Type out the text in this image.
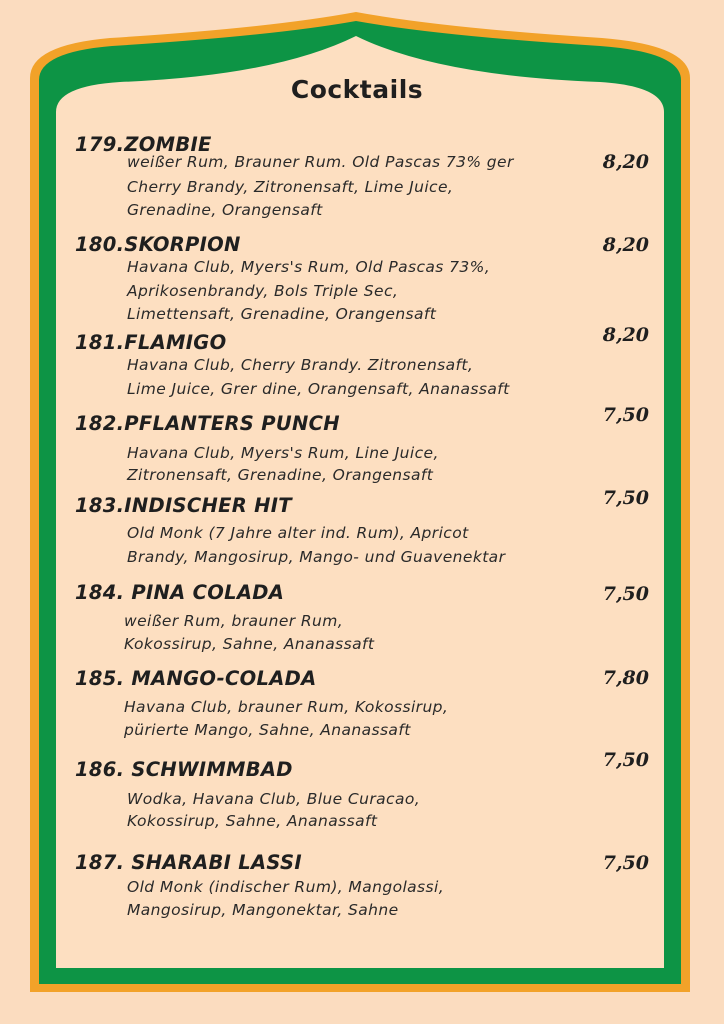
Cocktails
179.ZOMBIE
8,20
weißer Rum, Brauner Rum. Old Pascas 73% ger
Cherry Brandy, Zitronensaft, Lime Juice,
Grenadine, Orangensaft
180.SKORPION	8,20
Havana Club, Myers's Rum, Old Pascas 73%,
Aprikosenbrandy, Bols Triple Sec,
Limettensaft, Grenadine, Orangensaft
181.FLAMIGO	8,20
Havana Club, Cherry Brandy. Zitronensaft,
Lime Juice, Grer dine, Orangensaft, Ananassaft
182.PFLANTERS PUNCH	7,50
Havana Club, Myers's Rum, Line Juice,
Zitronensaft, Grenadine, Orangensaft
183.INDISCHER HIT	7,50
Old Monk (7 Jahre alter ind. Rum), Apricot
Brandy, Mangosirup, Mango- und Guavenektar
184. PINA COLADA	7,50
weißer Rum, brauner Rum,
Kokossirup, Sahne, Ananassaft
185. MANGO-COLADA	7,80
Havana Club, brauner Rum, Kokossirup,
pürierte Mango, Sahne, Ananassaft
186. SCHWIMMBAD	7,50
Wodka, Havana Club, Blue Curacao,
Kokossirup, Sahne, Ananassaft
187. SHARABI LASSI	7,50
Old Monk (indischer Rum), Mangolassi,
Mangosirup, Mangonektar, Sahne
